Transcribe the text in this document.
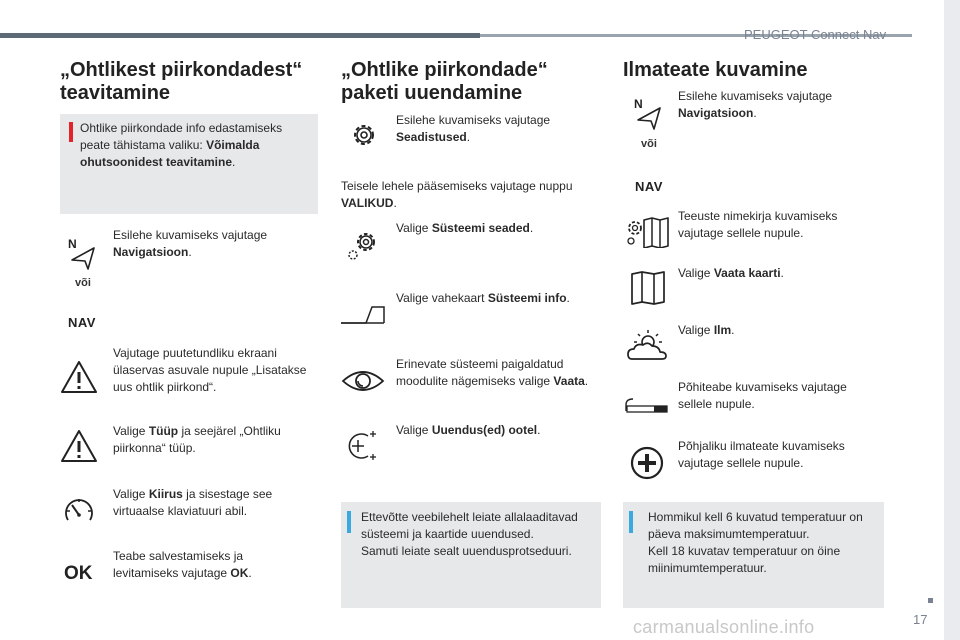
PEUGEOT Connect Nav
17
carmanualsonline.info
„Ohtlikest piirkondadest“ teavitamine
Ohtlike piirkondade info edastamiseks peate tähistama valiku: Võimalda ohutsoonidest teavitamine.
N
Esilehe kuvamiseks vajutage Navigatsioon.
või
NAV
Vajutage puutetundliku ekraani ülaservas asuvale nupule „Lisatakse uus ohtlik piirkond“.
Valige Tüüp ja seejärel „Ohtliku piirkonna“ tüüp.
Valige Kiirus ja sisestage see virtuaalse klaviatuuri abil.
OK
Teabe salvestamiseks ja levitamiseks vajutage OK.
„Ohtlike piirkondade“ paketi uuendamine
Esilehe kuvamiseks vajutage Seadistused.
Teisele lehele pääsemiseks vajutage nuppu VALIKUD.
Valige Süsteemi seaded.
Valige vahekaart Süsteemi info.
Erinevate süsteemi paigaldatud moodulite nägemiseks valige Vaata.
Valige Uuendus(ed) ootel.
Ettevõtte veebilehelt leiate allalaaditavad süsteemi ja kaartide uuendused.
Samuti leiate sealt uuendusprotseduuri.
Ilmateate kuvamine
N
Esilehe kuvamiseks vajutage Navigatsioon.
või
NAV
Teeuste nimekirja kuvamiseks vajutage sellele nupule.
Valige Vaata kaarti.
Valige Ilm.
Põhiteabe kuvamiseks vajutage sellele nupule.
Põhjaliku ilmateate kuvamiseks vajutage sellele nupule.
Hommikul kell 6 kuvatud temperatuur on päeva maksimumtemperatuur.
Kell 18 kuvatav temperatuur on öine miinimumtemperatuur.
